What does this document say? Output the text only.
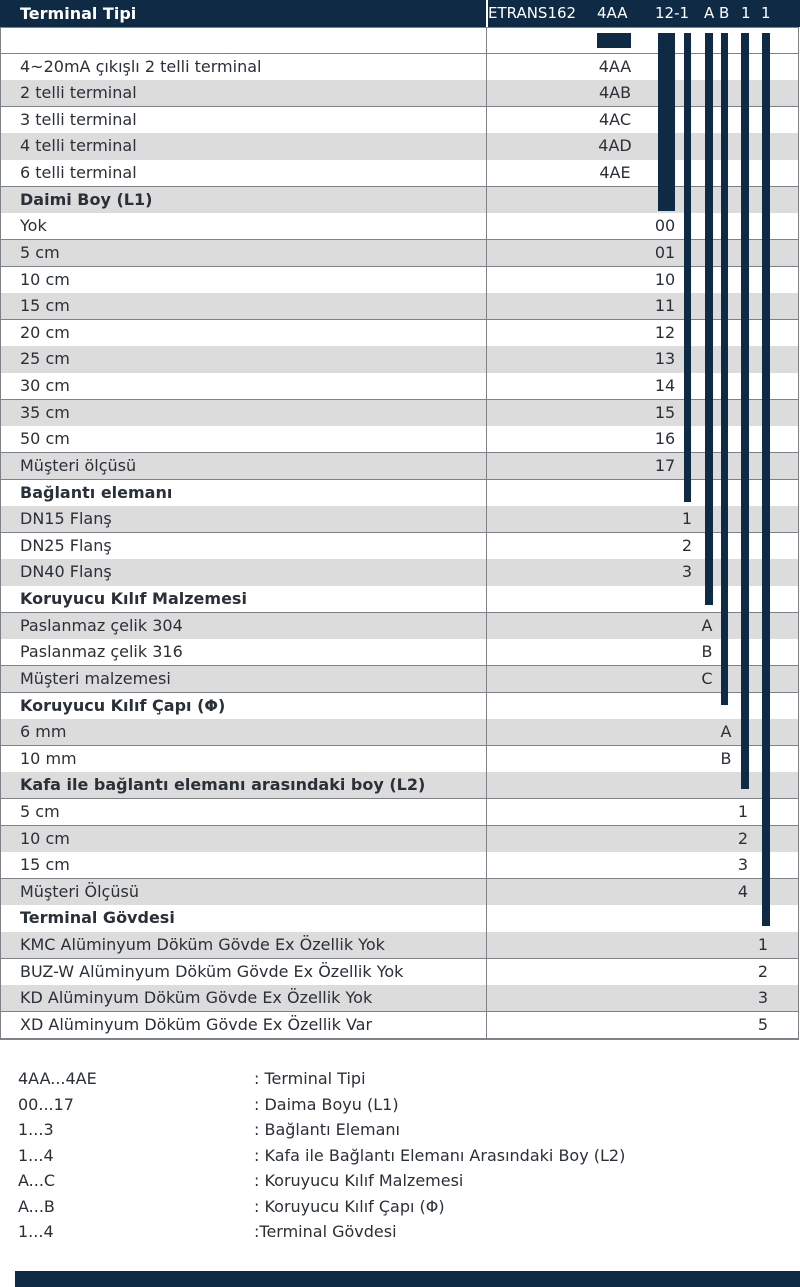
Terminal Tipi	ETRANS162 4AA 12-1 A B 1 1
4~20mA çıkışlı 2 telli terminal	4AA
2 telli terminal	4AB
3 telli terminal	4AC
4 telli terminal	4AD
6 telli terminal	4AE
Daimi Boy (L1)
Yok	00
5 cm	01
10 cm	10
15 cm	11
20 cm	12
25 cm	13
30 cm	14
35 cm	15
50 cm	16
Müşteri ölçüsü	17
Bağlantı elemanı
DN15 Flanş	1
DN25 Flanş	2
DN40 Flanş	3
Koruyucu Kılıf Malzemesi
Paslanmaz çelik 304	A
Paslanmaz çelik 316	B
Müşteri malzemesi	C
Koruyucu Kılıf Çapı (Φ)
6 mm	A
10 mm	B
Kafa ile bağlantı elemanı arasındaki boy (L2)
5 cm	1
10 cm	2
15 cm	3
Müşteri Ölçüsü	4
Terminal Gövdesi
KMC Alüminyum Döküm Gövde Ex Özellik Yok	1
BUZ-W Alüminyum Döküm Gövde Ex Özellik Yok	2
KD Alüminyum Döküm Gövde Ex Özellik Yok	3
XD Alüminyum Döküm Gövde Ex Özellik Var	5
4AA...4AE	: Terminal Tipi
00...17	: Daima Boyu (L1)
1...3	: Bağlantı Elemanı
1...4	: Kafa ile Bağlantı Elemanı Arasındaki Boy (L2)
A...C	: Koruyucu Kılıf Malzemesi
A...B	: Koruyucu Kılıf Çapı (Φ)
1...4	:Terminal Gövdesi
